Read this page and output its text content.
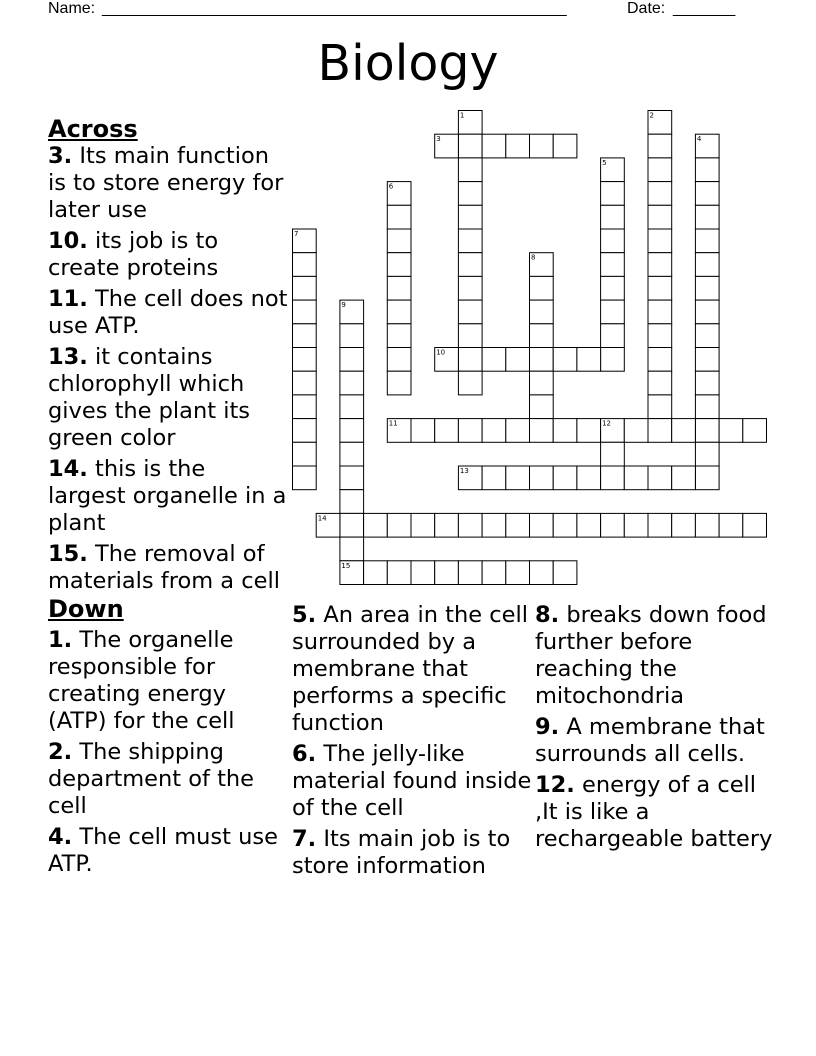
Name: ______________________________________________________	Date: _______
Biology
1	2
3	4
5
6
7
8
9
10
11	12
13
14
15
Across
3. Its main function is to store energy for later use
10. its job is to create proteins
11. The cell does not use ATP.
13. it contains chlorophyll which gives the plant its green color
14. this is the largest organelle in a plant
15. The removal of materials from a cell
Down
1. The organelle responsible for creating energy (ATP) for the cell
2. The shipping department of the cell
4. The cell must use ATP.
5. An area in the cell surrounded by a membrane that performs a specific function
6. The jelly-like material found inside of the cell
7. Its main job is to store information
8. breaks down food further before reaching the mitochondria
9. A membrane that surrounds all cells.
12. energy of a cell ,It is like a rechargeable battery
